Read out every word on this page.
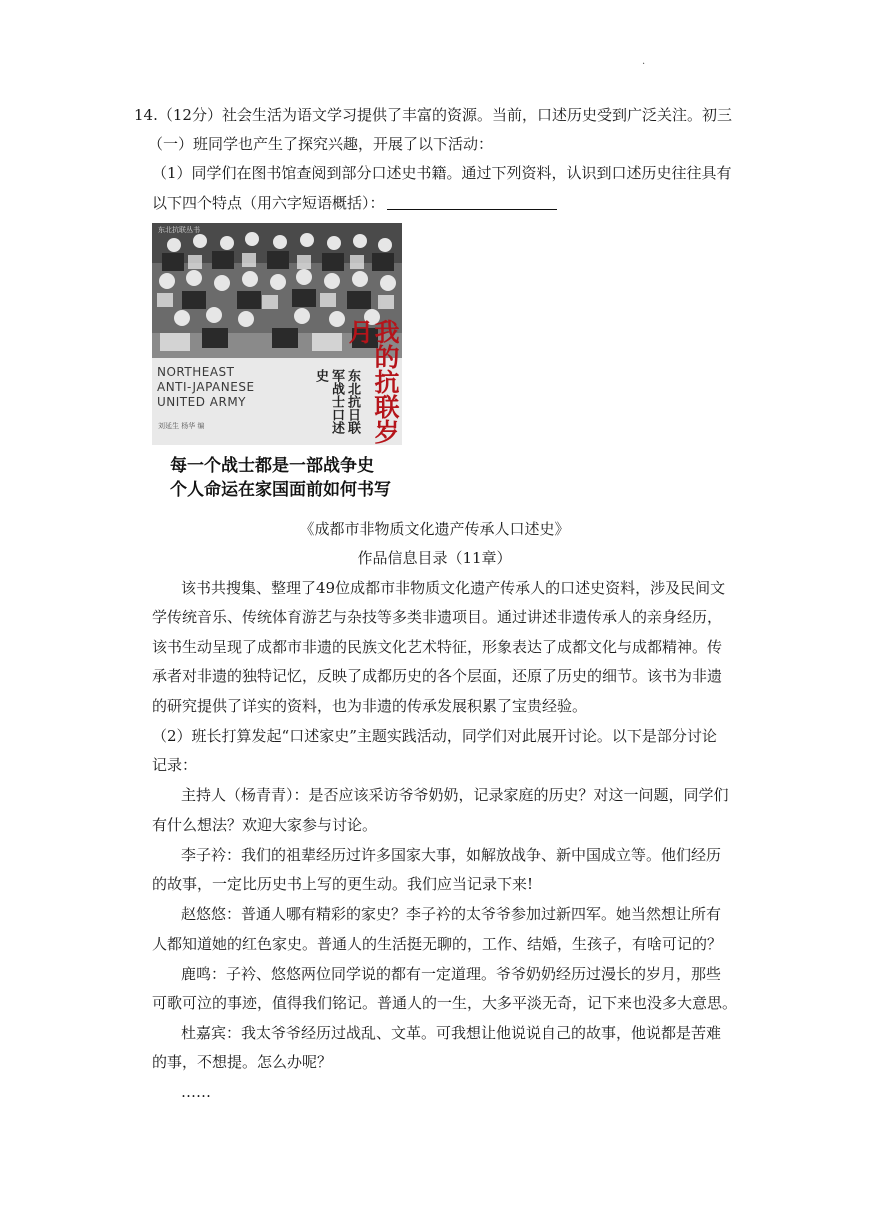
.
14.（12分）社会生活为语文学习提供了丰富的资源。当前，口述历史受到广泛关注。初三
（一）班同学也产生了探究兴趣，开展了以下活动：
（1）同学们在图书馆查阅到部分口述史书籍。通过下列资料，认识到口述历史往往具有
以下四个特点（用六字短语概括）：
东北抗联丛书
NORTHEAST
ANTI-JAPANESE
UNITED ARMY	东北抗日联军战士口述史	我的抗联岁月
刘延生 杨华 编
每一个战士都是一部战争史
个人命运在家国面前如何书写
《成都市非物质文化遗产传承人口述史》
作品信息目录（11章）
该书共搜集、整理了49位成都市非物质文化遗产传承人的口述史资料，涉及民间文
学传统音乐、传统体育游艺与杂技等多类非遗项目。通过讲述非遗传承人的亲身经历，
该书生动呈现了成都市非遗的民族文化艺术特征，形象表达了成都文化与成都精神。传
承者对非遗的独特记忆，反映了成都历史的各个层面，还原了历史的细节。该书为非遗
的研究提供了详实的资料，也为非遗的传承发展积累了宝贵经验。
（2）班长打算发起“口述家史”主题实践活动，同学们对此展开讨论。以下是部分讨论
记录：
主持人（杨青青）：是否应该采访爷爷奶奶，记录家庭的历史？对这一问题，同学们
有什么想法？欢迎大家参与讨论。
李子衿：我们的祖辈经历过许多国家大事，如解放战争、新中国成立等。他们经历
的故事，一定比历史书上写的更生动。我们应当记录下来!
赵悠悠：普通人哪有精彩的家史？李子衿的太爷爷参加过新四军。她当然想让所有
人都知道她的红色家史。普通人的生活挺无聊的，工作、结婚，生孩子，有啥可记的？
鹿鸣：子衿、悠悠两位同学说的都有一定道理。爷爷奶奶经历过漫长的岁月，那些
可歌可泣的事迹，值得我们铭记。普通人的一生，大多平淡无奇，记下来也没多大意思。
杜嘉宾：我太爷爷经历过战乱、文革。可我想让他说说自己的故事，他说都是苦难
的事，不想提。怎么办呢？
……
